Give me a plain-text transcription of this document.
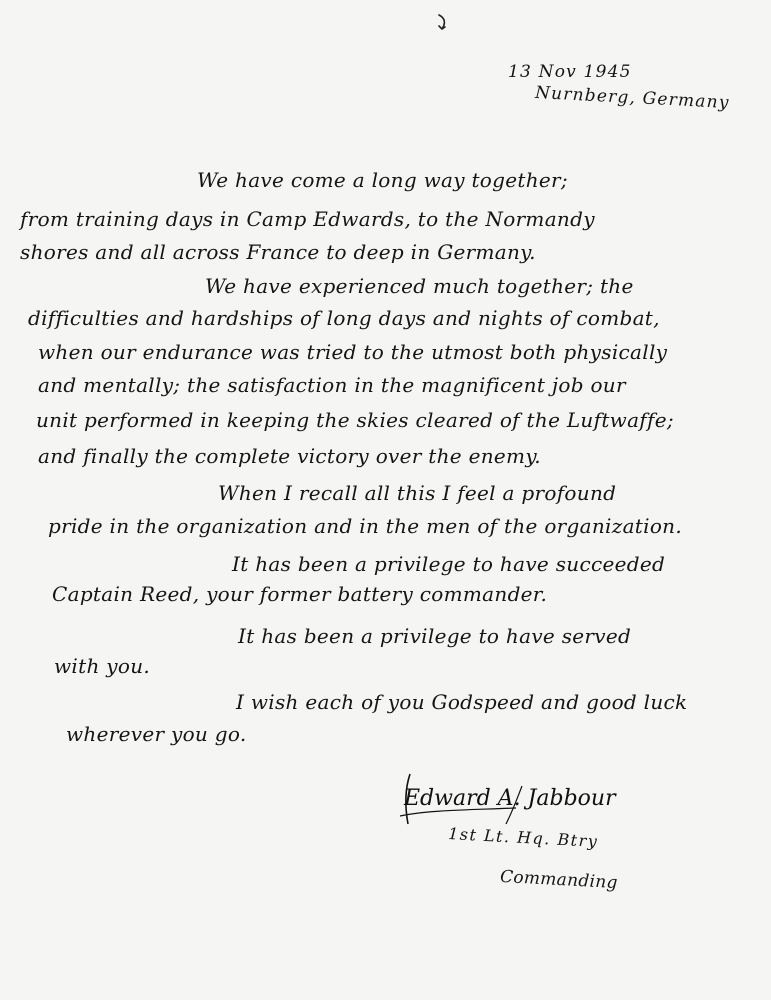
13 Nov 1945
Nurnberg, Germany
We have come a long way together;
from training days in Camp Edwards, to the Normandy
shores and all across France to deep in Germany.
We have experienced much together; the
difficulties and hardships of long days and nights of combat,
when our endurance was tried to the utmost both physically
and mentally; the satisfaction in the magnificent job our
unit performed in keeping the skies cleared of the Luftwaffe;
and finally the complete victory over the enemy.
When I recall all this I feel a profound
pride in the organization and in the men of the organization.
It has been a privilege to have succeeded
Captain Reed, your former battery commander.
It has been a privilege to have served
with you.
I wish each of you Godspeed and good luck
wherever you go.
Edward A. Jabbour
1st Lt. Hq. Btry
Commanding
